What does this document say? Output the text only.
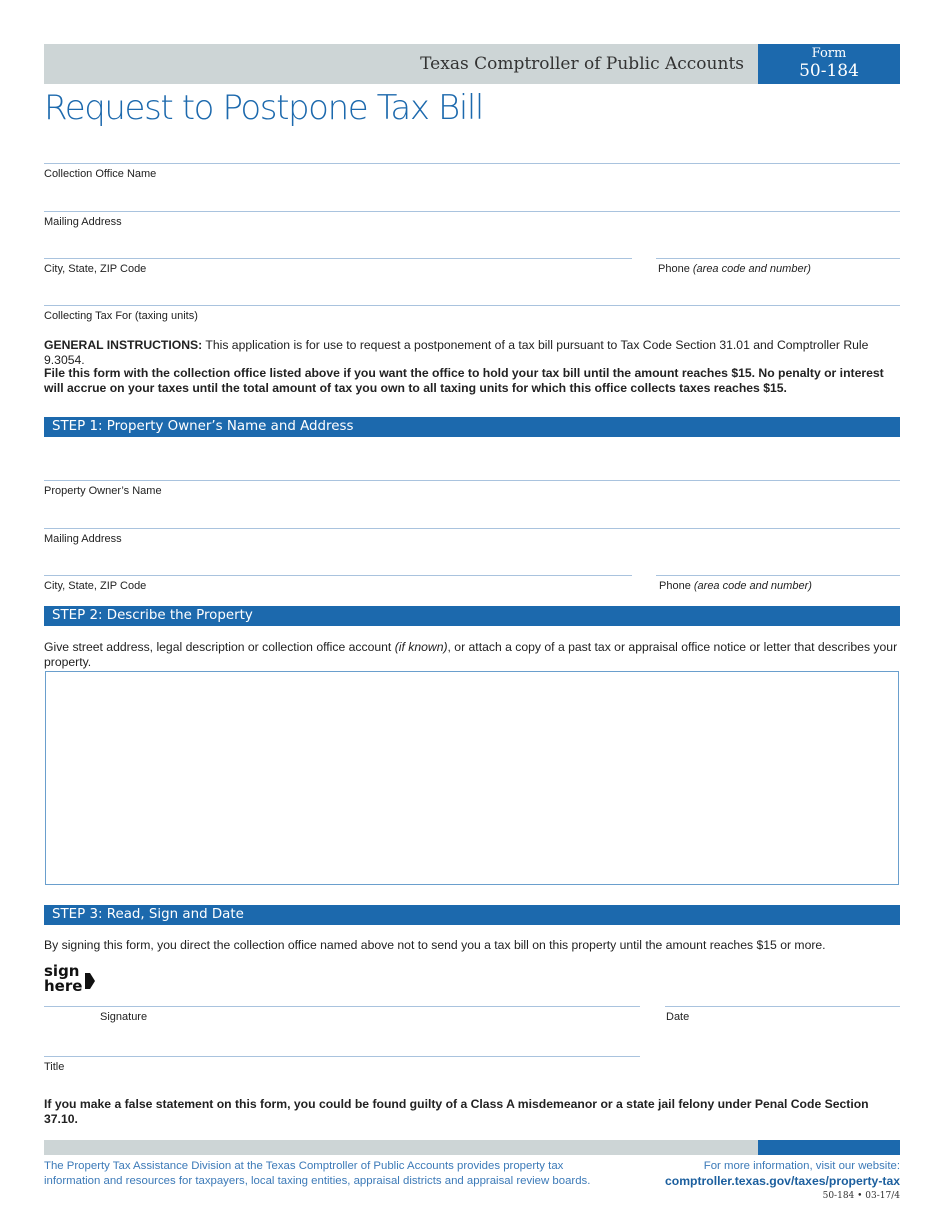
Texas Comptroller of Public Accounts
Form
50-184
Request to Postpone Tax Bill
Collection Office Name
Mailing Address
City, State, ZIP Code	Phone (area code and number)
Collecting Tax For (taxing units)
GENERAL INSTRUCTIONS: This application is for use to request a postponement of a tax bill pursuant to Tax Code Section 31.01 and Comptroller Rule 9.3054.
File this form with the collection office listed above if you want the office to hold your tax bill until the amount reaches $15. No penalty or interest will accrue on your taxes until the total amount of tax you own to all taxing units for which this office collects taxes reaches $15.
STEP 1: Property Owner’s Name and Address
Property Owner’s Name
Mailing Address
City, State, ZIP Code	Phone (area code and number)
STEP 2: Describe the Property
Give street address, legal description or collection office account (if known), or attach a copy of a past tax or appraisal office notice or letter that describes your property.
STEP 3: Read, Sign and Date
By signing this form, you direct the collection office named above not to send you a tax bill on this property until the amount reaches $15 or more.
sign
here
Signature	Date
Title
If you make a false statement on this form, you could be found guilty of a Class A misdemeanor or a state jail felony under Penal Code Section 37.10.
The Property Tax Assistance Division at the Texas Comptroller of Public Accounts provides property tax information and resources for taxpayers, local taxing entities, appraisal districts and appraisal review boards.
For more information, visit our website:
comptroller.texas.gov/taxes/property-tax
50-184 • 03-17/4
